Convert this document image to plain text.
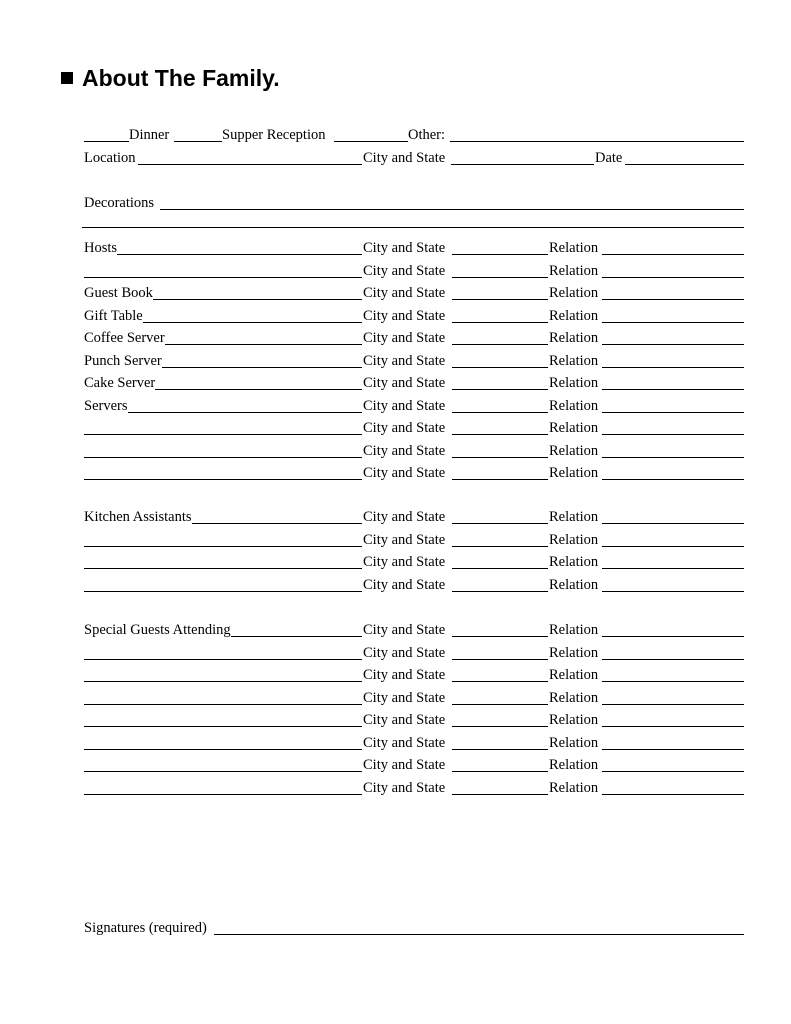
About The Family.
Dinner	Supper Reception	Other:
Location	City and State	Date
Decorations
Hosts	City and State	Relation
City and State	Relation
Guest Book	City and State	Relation
Gift Table	City and State	Relation
Coffee Server	City and State	Relation
Punch Server	City and State	Relation
Cake Server	City and State	Relation
Servers	City and State	Relation
City and State	Relation
City and State	Relation
City and State	Relation
Kitchen Assistants	City and State	Relation
City and State	Relation
City and State	Relation
City and State	Relation
Special Guests Attending	City and State	Relation
City and State	Relation
City and State	Relation
City and State	Relation
City and State	Relation
City and State	Relation
City and State	Relation
City and State	Relation
Signatures (required)
